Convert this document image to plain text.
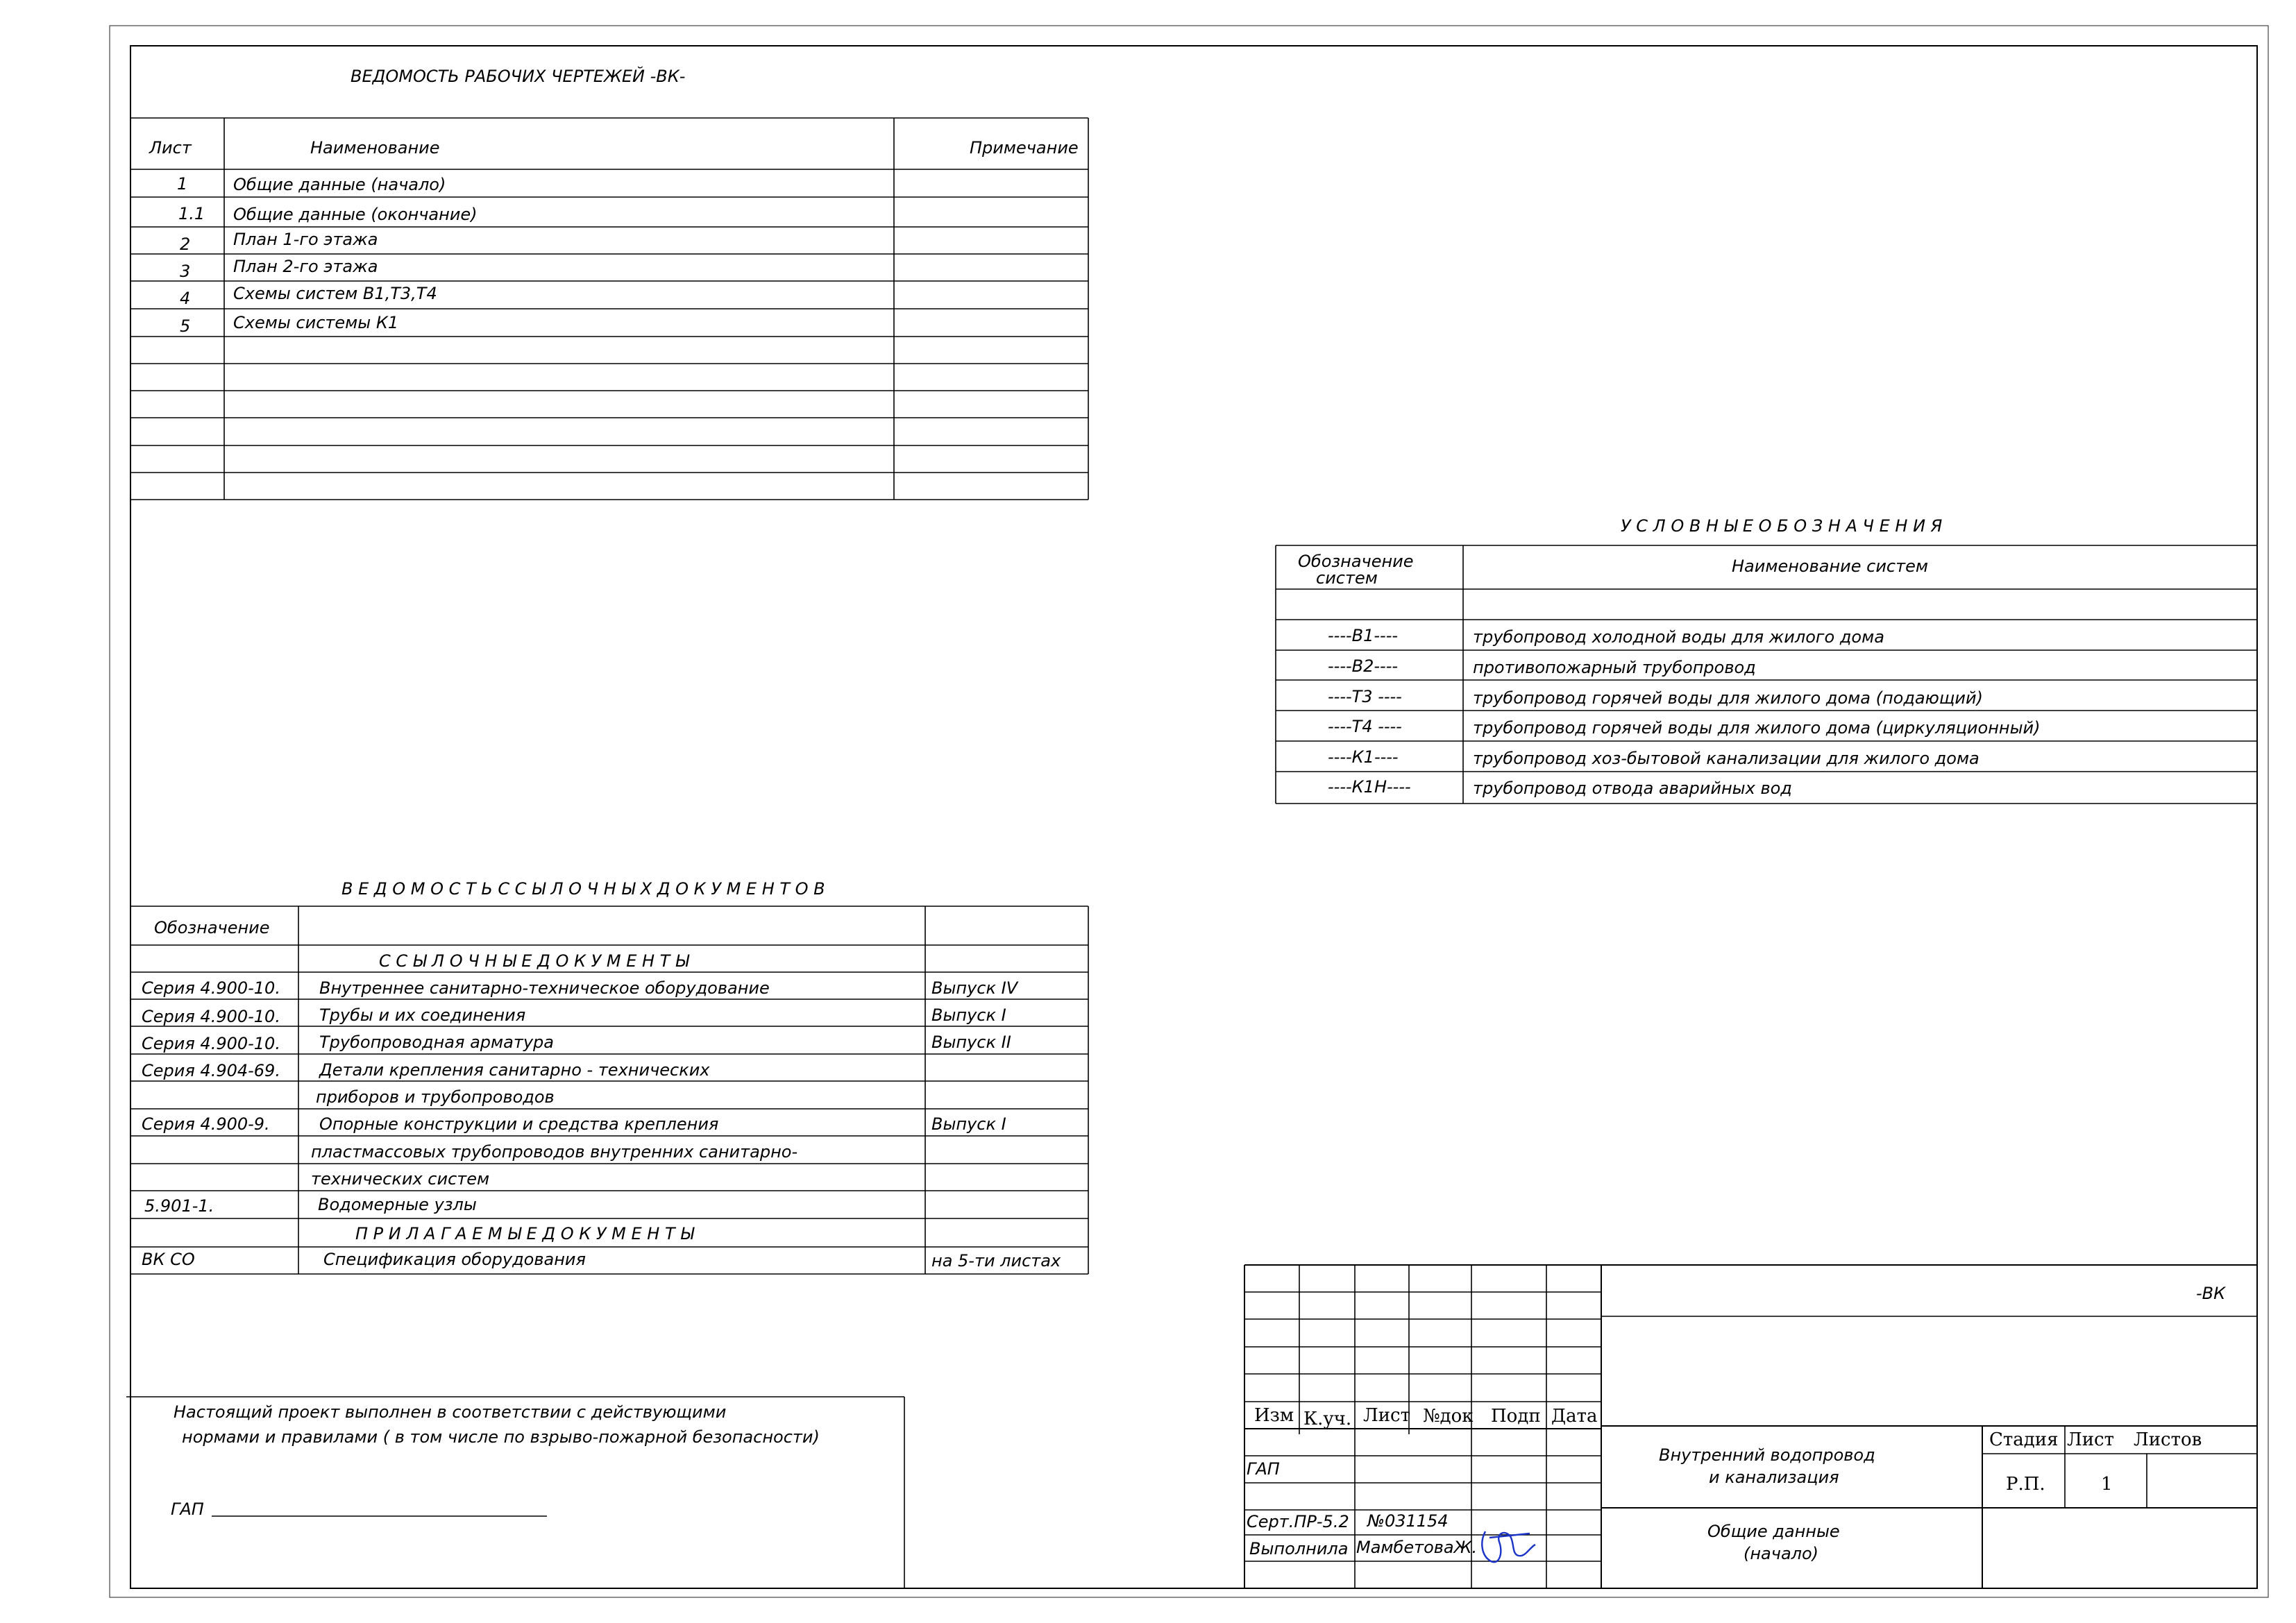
ВЕДОМОСТЬ РАБОЧИХ ЧЕРТЕЖЕЙ -ВК-
Лист	Наименование	Примечание
1	Общие данные (начало)
1.1 Общие данные (окончание)
2	План 1-го этажа
3	План 2-го этажа
4	Схемы систем В1,Т3,Т4
5	Схемы системы К1
У С Л О В Н Ы Е О Б О З Н А Ч Е Н И Я
Обозначение
систем
Наименование систем
----В1----	трубопровод холодной воды для жилого дома
----В2----	противопожарный трубопровод
----Т3 ----	трубопровод горячей воды для жилого дома (подающий)
----Т4 ----	трубопровод горячей воды для жилого дома (циркуляционный)
----К1----	трубопровод хоз-бытовой канализации для жилого дома
----К1Н----	трубопровод отвода аварийных вод
В Е Д О М О С Т Ь С С Ы Л О Ч Н Ы Х Д О К У М Е Н Т О В
Обозначение
С С Ы Л О Ч Н Ы Е Д О К У М Е Н Т Ы
Серия 4.900-10. Внутреннее санитарно-техническое оборудование	Выпуск IV
Серия 4.900-10. Трубы и их соединения	Выпуск I
Серия 4.900-10. Трубопроводная арматура	Выпуск II
Серия 4.904-69. Детали крепления санитарно - технических
приборов и трубопроводов
Серия 4.900-9.	Опорные конструкции и средства крепления	Выпуск I
пластмассовых трубопроводов внутренних санитарно-
технических систем
5.901-1.	Водомерные узлы
П Р И Л А Г А Е М Ы Е Д О К У М Е Н Т Ы
ВК СО	Спецификация оборудования	на 5-ти листах
Настоящий проект выполнен в соответствии с действующими
нормами и правилами ( в том числе по взрыво-пожарной безопасности)
ГАП
-ВК
Изм К.уч. Лист №док Подп Дата
ГАП
Серт.ПР-5.2 №031154
Выполнила МамбетоваЖ.
Внутренний водопровод
и канализация
Общие данные
(начало)
Стадия Лист Листов
Р.П.	1
